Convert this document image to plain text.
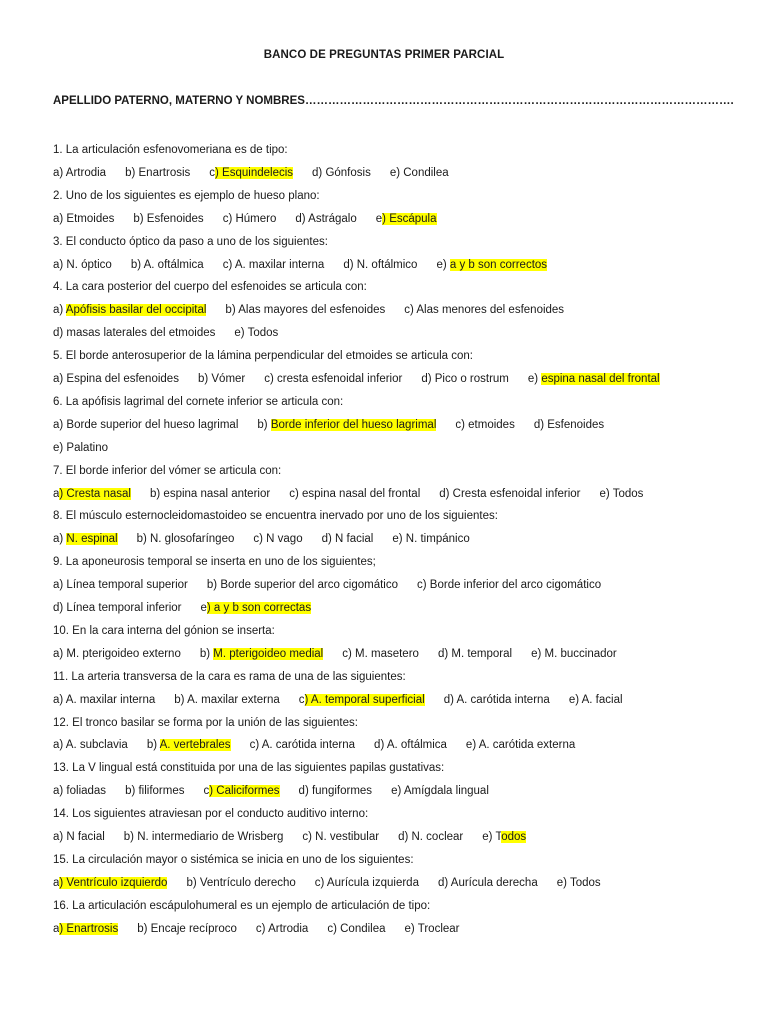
BANCO DE PREGUNTAS PRIMER PARCIAL
APELLIDO PATERNO, MATERNO Y NOMBRES………………………………………………………………………………………………….
1. La articulación esfenovomeriana es de tipo:
a) Artrodia b) Enartrosis c) Esquindelecis d) Gónfosis e) Condilea
2. Uno de los siguientes es ejemplo de hueso plano:
a) Etmoides b) Esfenoides c) Húmero d) Astrágalo e) Escápula
3. El conducto óptico da paso a uno de los siguientes:
a) N. óptico b) A. oftálmica c) A. maxilar interna d) N. oftálmico e) a y b son correctos
4. La cara posterior del cuerpo del esfenoides se articula con:
a) Apófisis basilar del occipital b) Alas mayores del esfenoides c) Alas menores del esfenoides
d) masas laterales del etmoides e) Todos
5. El borde anterosuperior de la lámina perpendicular del etmoides se articula con:
a) Espina del esfenoides b) Vómer c) cresta esfenoidal inferior d) Pico o rostrum e) espina nasal del frontal
6. La apófisis lagrimal del cornete inferior se articula con:
a) Borde superior del hueso lagrimal b) Borde inferior del hueso lagrimal c) etmoides d) Esfenoides
e) Palatino
7. El borde inferior del vómer se articula con:
a) Cresta nasal b) espina nasal anterior c) espina nasal del frontal d) Cresta esfenoidal inferior e) Todos
8. El músculo esternocleidomastoideo se encuentra inervado por uno de los siguientes:
a) N. espinal b) N. glosofaríngeo c) N vago d) N facial e) N. timpánico
9. La aponeurosis temporal se inserta en uno de los siguientes;
a) Línea temporal superior b) Borde superior del arco cigomático c) Borde inferior del arco cigomático
d) Línea temporal inferior e) a y b son correctas
10. En la cara interna del gónion se inserta:
a) M. pterigoideo externo b) M. pterigoideo medial c) M. masetero d) M. temporal e) M. buccinador
11. La arteria transversa de la cara es rama de una de las siguientes:
a) A. maxilar interna b) A. maxilar externa c) A. temporal superficial d) A. carótida interna e) A. facial
12. El tronco basilar se forma por la unión de las siguientes:
a) A. subclavia b) A. vertebrales c) A. carótida interna d) A. oftálmica e) A. carótida externa
13. La V lingual está constituida por una de las siguientes papilas gustativas:
a) foliadas b) filiformes c) Caliciformes d) fungiformes e) Amígdala lingual
14. Los siguientes atraviesan por el conducto auditivo interno:
a) N facial b) N. intermediario de Wrisberg c) N. vestibular d) N. coclear e) Todos
15. La circulación mayor o sistémica se inicia en uno de los siguientes:
a) Ventrículo izquierdo b) Ventrículo derecho c) Aurícula izquierda d) Aurícula derecha e) Todos
16. La articulación escápulohumeral es un ejemplo de articulación de tipo:
a) Enartrosis b) Encaje recíproco c) Artrodia c) Condilea e) Troclear
